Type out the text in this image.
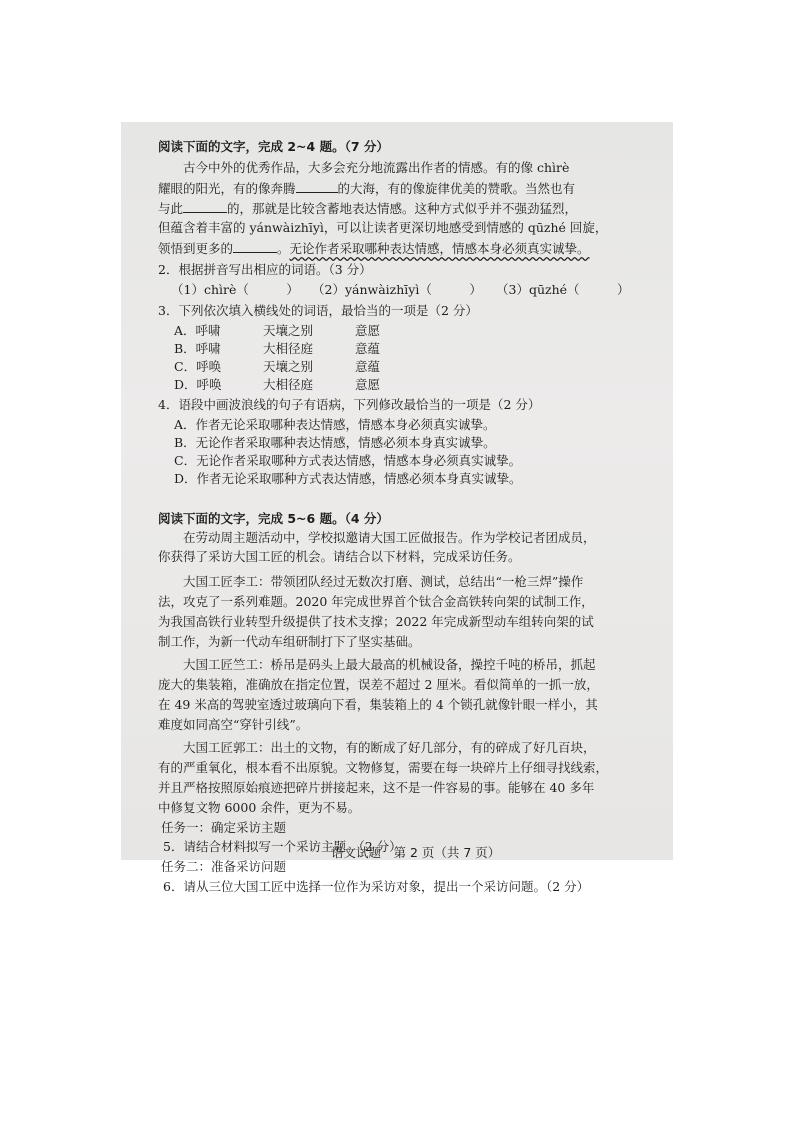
阅读下面的文字，完成 2~4 题。（7 分）
古今中外的优秀作品，大多会充分地流露出作者的情感。有的像 chìrè
耀眼的阳光，有的像奔腾	的大海，有的像旋律优美的赞歌。当然也有
与此	的，那就是比较含蓄地表达情感。这种方式似乎并不强劲猛烈，
但蕴含着丰富的 yánwàizhīyì，可以让读者更深切地感受到情感的 qūzhé 回旋，
领悟到更多的	。无论作者采取哪种表达情感，情感本身必须真实诚挚。
2．根据拼音写出相应的词语。（3 分）
（1）chìrè（　　　） （2）yánwàizhīyì（　　　） （3）qūzhé（　　　）
3．下列依次填入横线处的词语，最恰当的一项是（2 分）
A．呼啸	天壤之别	意愿
B．呼啸	大相径庭	意蕴
C．呼唤	天壤之别	意蕴
D．呼唤	大相径庭	意愿
4．语段中画波浪线的句子有语病，下列修改最恰当的一项是（2 分）
A．作者无论采取哪种表达情感，情感本身必须真实诚挚。
B．无论作者采取哪种表达情感，情感必须本身真实诚挚。
C．无论作者采取哪种方式表达情感，情感本身必须真实诚挚。
D．作者无论采取哪种方式表达情感，情感必须本身真实诚挚。
阅读下面的文字，完成 5~6 题。（4 分）
在劳动周主题活动中，学校拟邀请大国工匠做报告。作为学校记者团成员，
你获得了采访大国工匠的机会。请结合以下材料，完成采访任务。
大国工匠李工：带领团队经过无数次打磨、测试，总结出“一枪三焊”操作
法，攻克了一系列难题。2020 年完成世界首个钛合金高铁转向架的试制工作，
为我国高铁行业转型升级提供了技术支撑；2022 年完成新型动车组转向架的试
制工作，为新一代动车组研制打下了坚实基础。
大国工匠竺工：桥吊是码头上最大最高的机械设备，操控千吨的桥吊，抓起
庞大的集装箱，准确放在指定位置，误差不超过 2 厘米。看似简单的一抓一放，
在 49 米高的驾驶室透过玻璃向下看，集装箱上的 4 个锁孔就像针眼一样小，其
难度如同高空“穿针引线”。
大国工匠郭工：出土的文物，有的断成了好几部分，有的碎成了好几百块，
有的严重氧化，根本看不出原貌。文物修复，需要在每一块碎片上仔细寻找线索，
并且严格按照原始痕迹把碎片拼接起来，这不是一件容易的事。能够在 40 多年
中修复文物 6000 余件，更为不易。
任务一：确定采访主题
5．请结合材料拟写一个采访主题。（2 分）
任务二：准备采访问题
6．请从三位大国工匠中选择一位作为采访对象，提出一个采访问题。（2 分）
语文试题　第 2 页（共 7 页）
